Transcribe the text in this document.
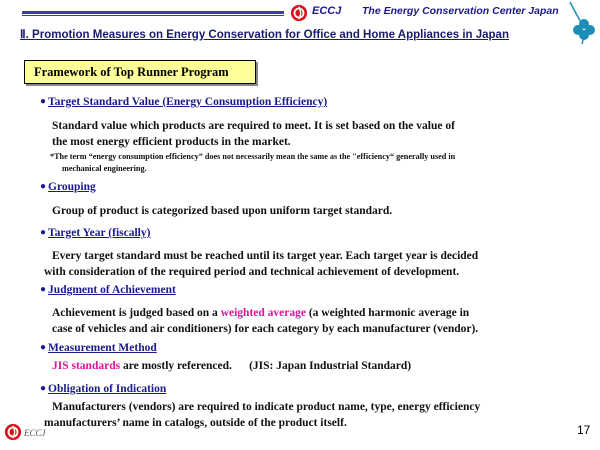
ECCJ The Energy Conservation Center Japan
Ⅱ. Promotion Measures on Energy Conservation for Office and Home Appliances in Japan
Framework of Top Runner Program
● Target Standard Value (Energy Consumption Efficiency)
Standard value which products are required to meet. It is set based on the value of
the most energy efficient products in the market.
*The term “energy consumption efficiency” does not necessarily mean the same as the "efficiency“ generally used in
mechanical engineering.
● Grouping
Group of product is categorized based upon uniform target standard.
● Target Year (fiscally)
Every target standard must be reached until its target year. Each target year is decided
with consideration of the required period and technical achievement of development.
● Judgment of Achievement
Achievement is judged based on a weighted average (a weighted harmonic average in
case of vehicles and air conditioners) for each category by each manufacturer (vendor).
● Measurement Method
JIS standards are mostly referenced.      (JIS: Japan Industrial Standard)
● Obligation of Indication
Manufacturers (vendors) are required to indicate product name, type, energy efficiency
manufacturers’ name in catalogs, outside of the product itself.
ECCJ	17
